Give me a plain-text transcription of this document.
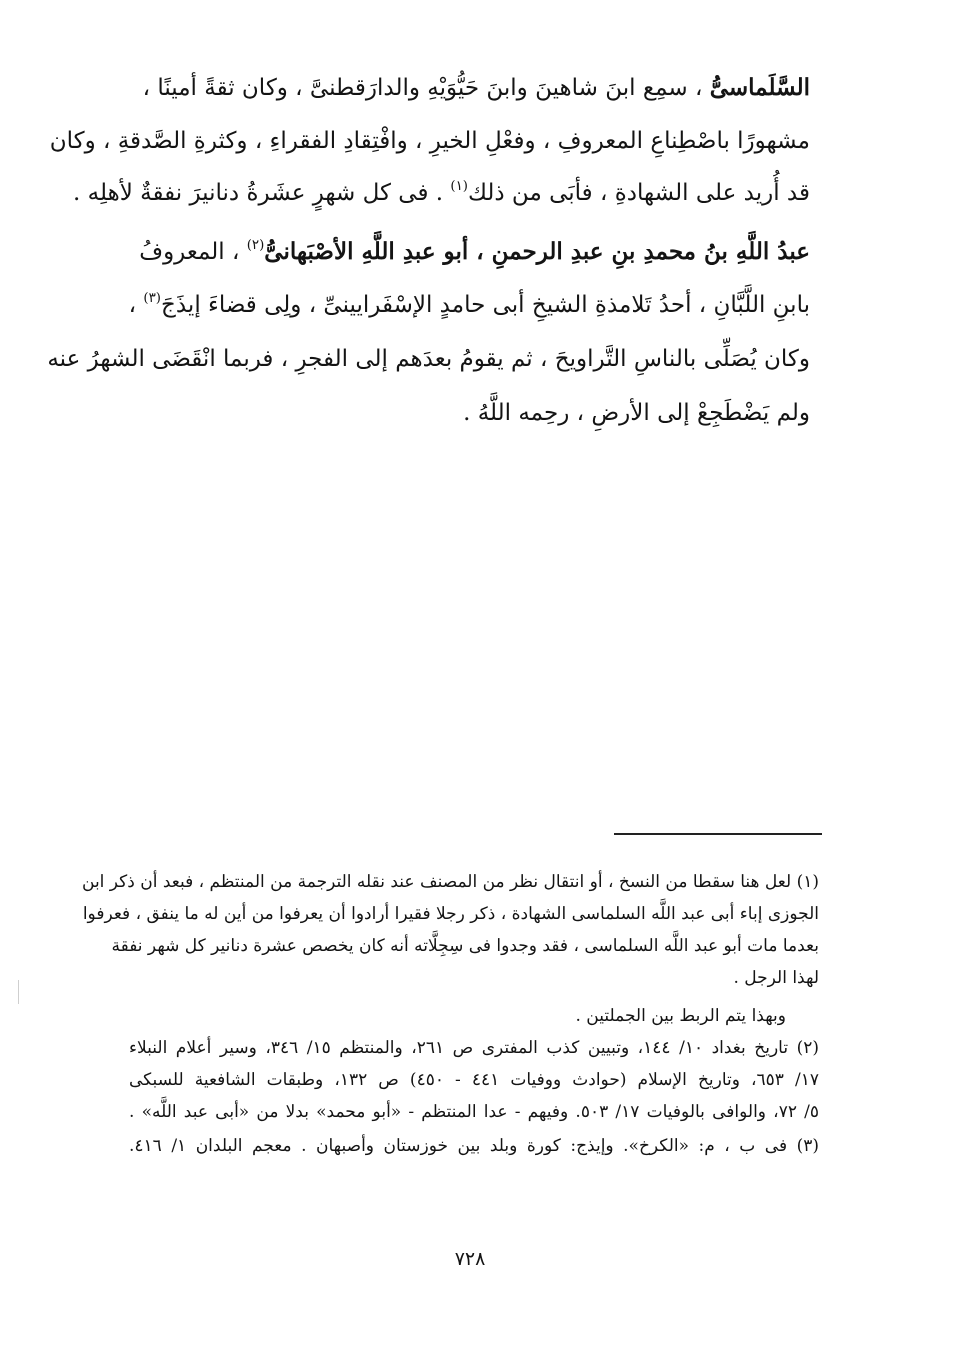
السَّلَماسىُّ ، سمِع ابنَ شاهينَ وابنَ حَيُّوَيْهِ والدارَقطنىَّ ، وكان ثقةً أمينًا ،
مشهورًا باصْطِناعِ المعروفِ ، وفعْلِ الخيرِ ، وافْتِقادِ الفقراءِ ، وكثرةِ الصَّدقةِ ، وكان
قد أُريد على الشهادةِ ، فأبَى من ذلك$^{(١)}$ . فى كل شهرٍ عشَرةُ دنانيرَ نفقةٌ لأهلِه .
عبدُ اللَّهِ بنُ محمدِ بنِ عبدِ الرحمنِ ، أبو عبدِ اللَّهِ الأصْبَهانىُّ$^{(٢)}$ ، المعروفُ
بابنِ اللَّبَّانِ ، أحدُ تَلامذةِ الشيخِ أبى حامدٍ الإسْفَرايينىِّ ، ولِى قضاءَ إيذَجَ$^{(٣)}$ ،
وكان يُصَلِّى بالناسِ التَّراويحَ ، ثم يقومُ بعدَهم إلى الفجرِ ، فربما انْقَضَى الشهرُ عنه
ولم يَضْطَجِعْ إلى الأرضِ ، رحِمه اللَّهُ .
(١) لعل هنا سقطا من النسخ ، أو انتقال نظر من المصنف عند نقله الترجمة من المنتظم ، فبعد أن ذكر ابن
الجوزى إباء أبى عبد اللَّه السلماسى الشهادة ، ذكر رجلا فقيرا أرادوا أن يعرفوا من أين له ما ينفق ، فعرفوا
بعدما مات أبو عبد اللَّه السلماسى ، فقد وجدوا فى سِجِلَّاته أنه كان يخصص عشرة دنانير كل شهر نفقة
لهذا الرجل .
وبهذا يتم الربط بين الجملتين .
(٢) تاريخ بغداد ١٠/ ١٤٤، وتبيين كذب المفترى ص ٢٦١، والمنتظم ١٥/ ٣٤٦، وسير أعلام النبلاء
١٧/ ٦٥٣، وتاريخ الإسلام (حوادث ووفيات ٤٤١ - ٤٥٠) ص ١٣٢، وطبقات الشافعية للسبكى
٥/ ٧٢، والوافى بالوفيات ١٧/ ٥٠٣. وفيهم - عدا المنتظم - «أبو محمد» بدلا من «أبى عبد اللَّه» .
(٣) فى ب ، م: «الكرخ». وإيذج: كورة وبلد بين خوزستان وأصبهان . معجم البلدان ١/ ٤١٦.
٧٢٨
